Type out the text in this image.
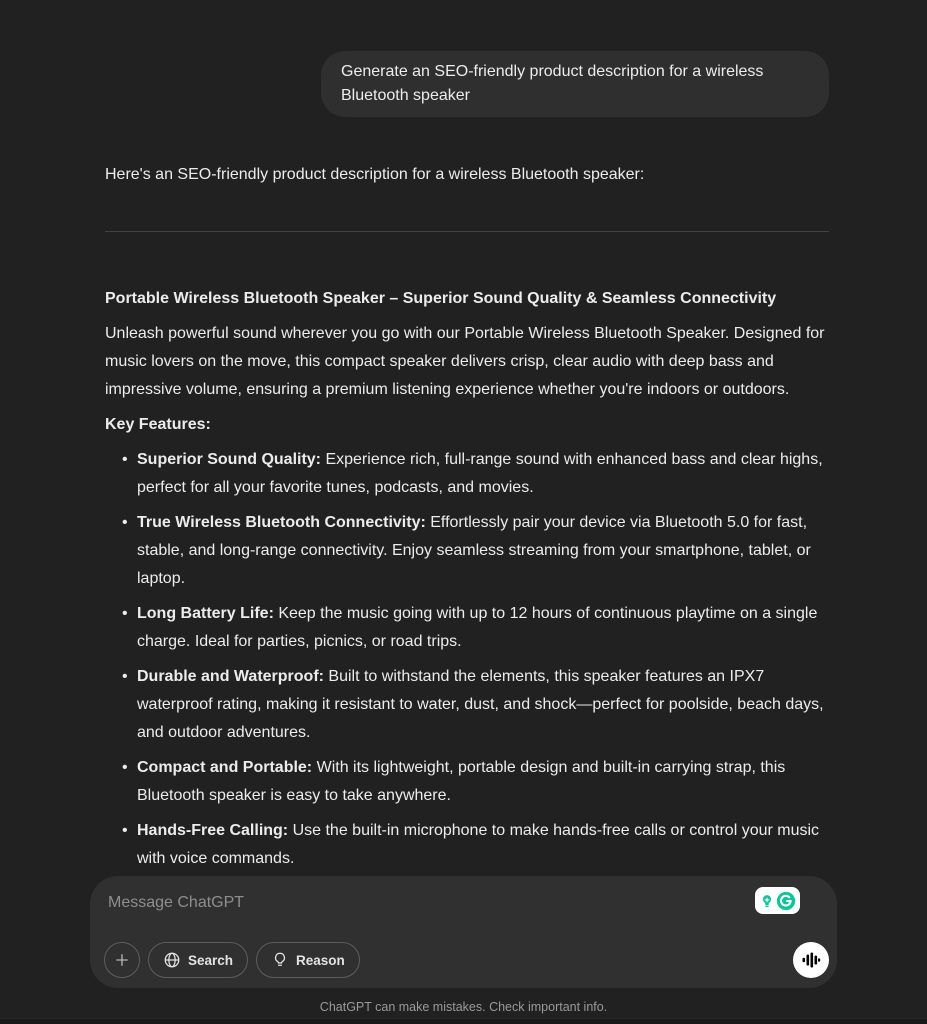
Generate an SEO-friendly product description for a wireless Bluetooth speaker

Here's an SEO-friendly product description for a wireless Bluetooth speaker:

Portable Wireless Bluetooth Speaker – Superior Sound Quality & Seamless Connectivity

Unleash powerful sound wherever you go with our Portable Wireless Bluetooth Speaker. Designed for music lovers on the move, this compact speaker delivers crisp, clear audio with deep bass and impressive volume, ensuring a premium listening experience whether you're indoors or outdoors.

Key Features:

• Superior Sound Quality: Experience rich, full-range sound with enhanced bass and clear highs, perfect for all your favorite tunes, podcasts, and movies.
• True Wireless Bluetooth Connectivity: Effortlessly pair your device via Bluetooth 5.0 for fast, stable, and long-range connectivity. Enjoy seamless streaming from your smartphone, tablet, or laptop.
• Long Battery Life: Keep the music going with up to 12 hours of continuous playtime on a single charge. Ideal for parties, picnics, or road trips.
• Durable and Waterproof: Built to withstand the elements, this speaker features an IPX7 waterproof rating, making it resistant to water, dust, and shock—perfect for poolside, beach days, and outdoor adventures.
• Compact and Portable: With its lightweight, portable design and built-in carrying strap, this Bluetooth speaker is easy to take anywhere.
• Hands-Free Calling: Use the built-in microphone to make hands-free calls or control your music with voice commands.
Message ChatGPT
Search	Reason
ChatGPT can make mistakes. Check important info.
